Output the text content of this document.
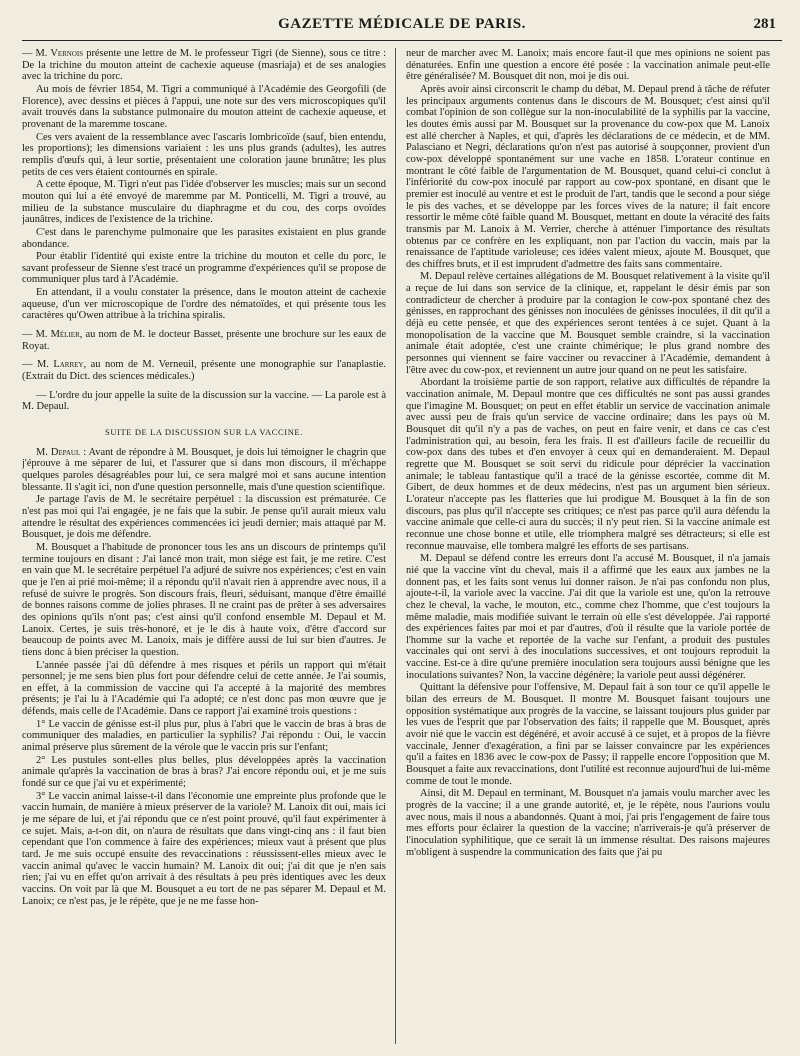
GAZETTE MÉDICALE DE PARIS.	281

— M. Vernois présente une lettre de M. le professeur Tigri (de Sienne), sous ce titre : De la trichine du mouton atteint de cachexie aqueuse (masriaja) et de ses analogies avec la trichine du porc.

Au mois de février 1854, M. Tigri a communiqué à l'Académie des Georgofili (de Florence), avec dessins et pièces à l'appui, une note sur des vers microscopiques qu'il avait trouvés dans la substance pulmonaire du mouton atteint de cachexie aqueuse, et provenant de la maremme toscane.

Ces vers avaient de la ressemblance avec l'ascaris lombricoïde (sauf, bien entendu, les proportions); les dimensions variaient : les uns plus grands (adultes), les autres remplis d'œufs qui, à leur sortie, présentaient une coloration jaune brunâtre; les plus petits de ces vers étaient contournés en spirale.

A cette époque, M. Tigri n'eut pas l'idée d'observer les muscles; mais sur un second mouton qui lui a été envoyé de maremme par M. Ponticelli, M. Tigri a trouvé, au milieu de la substance musculaire du diaphragme et du cou, des corps ovoïdes jaunâtres, indices de l'existence de la trichine.

C'est dans le parenchyme pulmonaire que les parasites existaient en plus grande abondance.

Pour établir l'identité qui existe entre la trichine du mouton et celle du porc, le savant professeur de Sienne s'est tracé un programme d'expériences qu'il se propose de communiquer plus tard à l'Académie.

En attendant, il a voulu constater la présence, dans le mouton atteint de cachexie aqueuse, d'un ver microscopique de l'ordre des nématoïdes, et qui présente tous les caractères qu'Owen attribue à la trichina spiralis.

— M. Mélier, au nom de M. le docteur Basset, présente une brochure sur les eaux de Royat.

— M. Larrey, au nom de M. Verneuil, présente une monographie sur l'anaplastie. (Extrait du Dict. des sciences médicales.)

— L'ordre du jour appelle la suite de la discussion sur la vaccine. — La parole est à M. Depaul.

SUITE DE LA DISCUSSION SUR LA VACCINE.

M. Depaul : Avant de répondre à M. Bousquet, je dois lui témoigner le chagrin que j'éprouve à me séparer de lui, et l'assurer que si dans mon discours, il m'échappe quelques paroles désagréables pour lui, ce sera malgré moi et sans aucune intention blessante. Il s'agit ici, non d'une question personnelle, mais d'une question scientifique.

Je partage l'avis de M. le secrétaire perpétuel : la discussion est prématurée. Ce n'est pas moi qui l'ai engagée, je ne fais que la subir. Je pense qu'il aurait mieux valu attendre le résultat des expériences commencées ici jeudi dernier; mais attaqué par M. Bousquet, je dois me défendre.

M. Bousquet a l'habitude de prononcer tous les ans un discours de printemps qu'il termine toujours en disant : J'ai lancé mon trait, mon siége est fait, je me retire. C'est en vain que M. le secrétaire perpétuel l'a adjuré de suivre nos expériences; c'est en vain que je l'en ai prié moi-même; il a répondu qu'il n'avait rien à apprendre avec nous, il a refusé de suivre le progrès. Son discours frais, fleuri, séduisant, manque d'être émaillé de bonnes raisons comme de jolies phrases. Il ne craint pas de prêter à ses adversaires des opinions qu'ils n'ont pas; c'est ainsi qu'il confond ensemble M. Depaul et M. Lanoix. Certes, je suis très-honoré, et je le dis à haute voix, d'être d'accord sur beaucoup de points avec M. Lanoix, mais je diffère aussi de lui sur bien d'autres. Je tiens donc à bien préciser la question.

L'année passée j'ai dû défendre à mes risques et périls un rapport qui m'était personnel; je me sens bien plus fort pour défendre celui de cette année. Je l'ai soumis, en effet, à la commission de vaccine qui l'a accepté à la majorité des membres présents; je l'ai lu à l'Académie qui l'a adopté; ce n'est donc pas mon œuvre que je défends, mais celle de l'Académie. Dans ce rapport j'ai examiné trois questions :

1° Le vaccin de génisse est-il plus pur, plus à l'abri que le vaccin de bras à bras de communiquer des maladies, en particulier la syphilis? J'ai répondu : Oui, le vaccin animal préserve plus sûrement de la vérole que le vaccin pris sur l'enfant;

2° Les pustules sont-elles plus belles, plus développées après la vaccination animale qu'après la vaccination de bras à bras? J'ai encore répondu oui, et je me suis fondé sur ce que j'ai vu et expérimenté;

3° Le vaccin animal laisse-t-il dans l'économie une empreinte plus profonde que le vaccin humain, de manière à mieux préserver de la variole? M. Lanoix dit oui, mais ici je me sépare de lui, et j'ai répondu que ce n'est point prouvé, qu'il faut expérimenter à ce sujet. Mais, a-t-on dit, on n'aura de résultats que dans vingt-cinq ans : il faut bien cependant que l'on commence à faire des expériences; mieux vaut à présent que plus tard. Je me suis occupé ensuite des revaccinations : réussissent-elles mieux avec le vaccin animal qu'avec le vaccin humain? M. Lanoix dit oui; j'ai dit que je n'en sais rien; j'ai vu en effet qu'on arrivait à des résultats à peu près identiques avec les deux vaccins. On voit par là que M. Bousquet a eu tort de ne pas séparer M. Depaul et M. Lanoix; ce n'est pas, je le répète, que je ne me fasse hon-

neur de marcher avec M. Lanoix; mais encore faut-il que mes opinions ne soient pas dénaturées. Enfin une question a encore été posée : la vaccination animale peut-elle être généralisée? M. Bousquet dit non, moi je dis oui.

Après avoir ainsi circonscrit le champ du débat, M. Depaul prend à tâche de réfuter les principaux arguments contenus dans le discours de M. Bousquet; c'est ainsi qu'il combat l'opinion de son collègue sur la non-inoculabilité de la syphilis par la vaccine, les doutes émis aussi par M. Bousquet sur la provenance du cow-pox que M. Lanoix est allé chercher à Naples, et qui, d'après les déclarations de ce médecin, et de MM. Palasciano et Negri, déclarations qu'on n'est pas autorisé à soupçonner, provient d'un cow-pox développé spontanément sur une vache en 1858. L'orateur continue en montrant le côté faible de l'argumentation de M. Bousquet, quand celui-ci conclut à l'infériorité du cow-pox inoculé par rapport au cow-pox spontané, en disant que le premier est inoculé au ventre et est le produit de l'art, tandis que le second a pour siége le pis des vaches, et se développe par les forces vives de la nature; il fait encore ressortir le même côté faible quand M. Bousquet, mettant en doute la véracité des faits transmis par M. Lanoix à M. Verrier, cherche à atténuer l'importance des résultats obtenus par ce confrère en les expliquant, non par l'action du vaccin, mais par la renaissance de l'aptitude varioleuse; ces idées valent mieux, ajoute M. Bousquet, que des chiffres bruts, et il est imprudent d'admettre des faits sans commentaire.

M. Depaul relève certaines allégations de M. Bousquet relativement à la visite qu'il a reçue de lui dans son service de la clinique, et, rappelant le désir émis par son contradicteur de chercher à produire par la contagion le cow-pox spontané chez des génisses, en rapprochant des génisses non inoculées de génisses inoculées, il dit qu'il a déjà eu cette pensée, et que des expériences seront tentées à ce sujet. Quant à la monopolisation de la vaccine que M. Bousquet semble craindre, si la vaccination animale était adoptée, c'est une crainte chimérique; le plus grand nombre des personnes qui viennent se faire vacciner ou revacciner à l'Académie, demandent à l'être avec du cow-pox, et reviennent un autre jour quand on ne peut les satisfaire.

Abordant la troisième partie de son rapport, relative aux difficultés de répandre la vaccination animale, M. Depaul montre que ces difficultés ne sont pas aussi grandes que l'imagine M. Bousquet; on peut en effet établir un service de vaccination animale avec aussi peu de frais qu'un service de vaccine ordinaire; dans les pays où M. Bousquet dit qu'il n'y a pas de vaches, on peut en faire venir, et dans ce cas c'est l'administration qui, au besoin, fera les frais. Il est d'ailleurs facile de recueillir du cow-pox dans des tubes et d'en envoyer à ceux qui en demanderaient. M. Depaul regrette que M. Bousquet se soit servi du ridicule pour déprécier la vaccination animale; le tableau fantastique qu'il a tracé de la génisse escortée, comme dit M. Gibert, de deux hommes et de deux médecins, n'est pas un argument bien sérieux. L'orateur n'accepte pas les flatteries que lui prodigue M. Bousquet à la fin de son discours, pas plus qu'il n'accepte ses critiques; ce n'est pas parce qu'il aura défendu la vaccine animale que celle-ci aura du succès; il n'y peut rien. Si la vaccine animale est reconnue une chose bonne et utile, elle triomphera malgré ses détracteurs; si elle est reconnue mauvaise, elle tombera malgré les efforts de ses partisans.

M. Depaul se défend contre les erreurs dont l'a accusé M. Bousquet, il n'a jamais nié que la vaccine vînt du cheval, mais il a affirmé que les eaux aux jambes ne la donnent pas, et les faits sont venus lui donner raison. Je n'ai pas confondu non plus, ajoute-t-il, la variole avec la vaccine. J'ai dit que la variole est une, qu'on la retrouve chez le cheval, la vache, le mouton, etc., comme chez l'homme, que c'est toujours la même maladie, mais modifiée suivant le terrain où elle s'est développée. J'ai rapporté des expériences faites par moi et par d'autres, d'où il résulte que la variole portée de l'homme sur la vache et reportée de la vache sur l'enfant, a produit des pustules vaccinales qui ont servi à des inoculations successives, et ont toujours reproduit la vaccine. Est-ce à dire qu'une première inoculation sera toujours aussi bénigne que les inoculations suivantes? Non, la vaccine dégénère; la variole peut aussi dégénérer.

Quittant la défensive pour l'offensive, M. Depaul fait à son tour ce qu'il appelle le bilan des erreurs de M. Bousquet. Il montre M. Bousquet faisant toujours une opposition systématique aux progrès de la vaccine, se laissant toujours plus guider par les vues de l'esprit que par l'observation des faits; il rappelle que M. Bousquet, après avoir nié que le vaccin est dégénéré, et avoir accusé à ce sujet, et à propos de la fièvre vaccinale, Jenner d'exagération, a fini par se laisser convaincre par les expériences qu'il a faites en 1836 avec le cow-pox de Passy; il rappelle encore l'opposition que M. Bousquet a faite aux revaccinations, dont l'utilité est reconnue aujourd'hui de lui-même comme de tout le monde.

Ainsi, dit M. Depaul en terminant, M. Bousquet n'a jamais voulu marcher avec les progrès de la vaccine; il a une grande autorité, et, je le répète, nous l'aurions voulu avec nous, mais il nous a abandonnés. Quant à moi, j'ai pris l'engagement de faire tous mes efforts pour éclairer la question de la vaccine; n'arriverais-je qu'à préserver de l'inoculation syphilitique, que ce serait là un immense résultat. Des raisons majeures m'obligent à suspendre la communication des faits que j'ai pu
